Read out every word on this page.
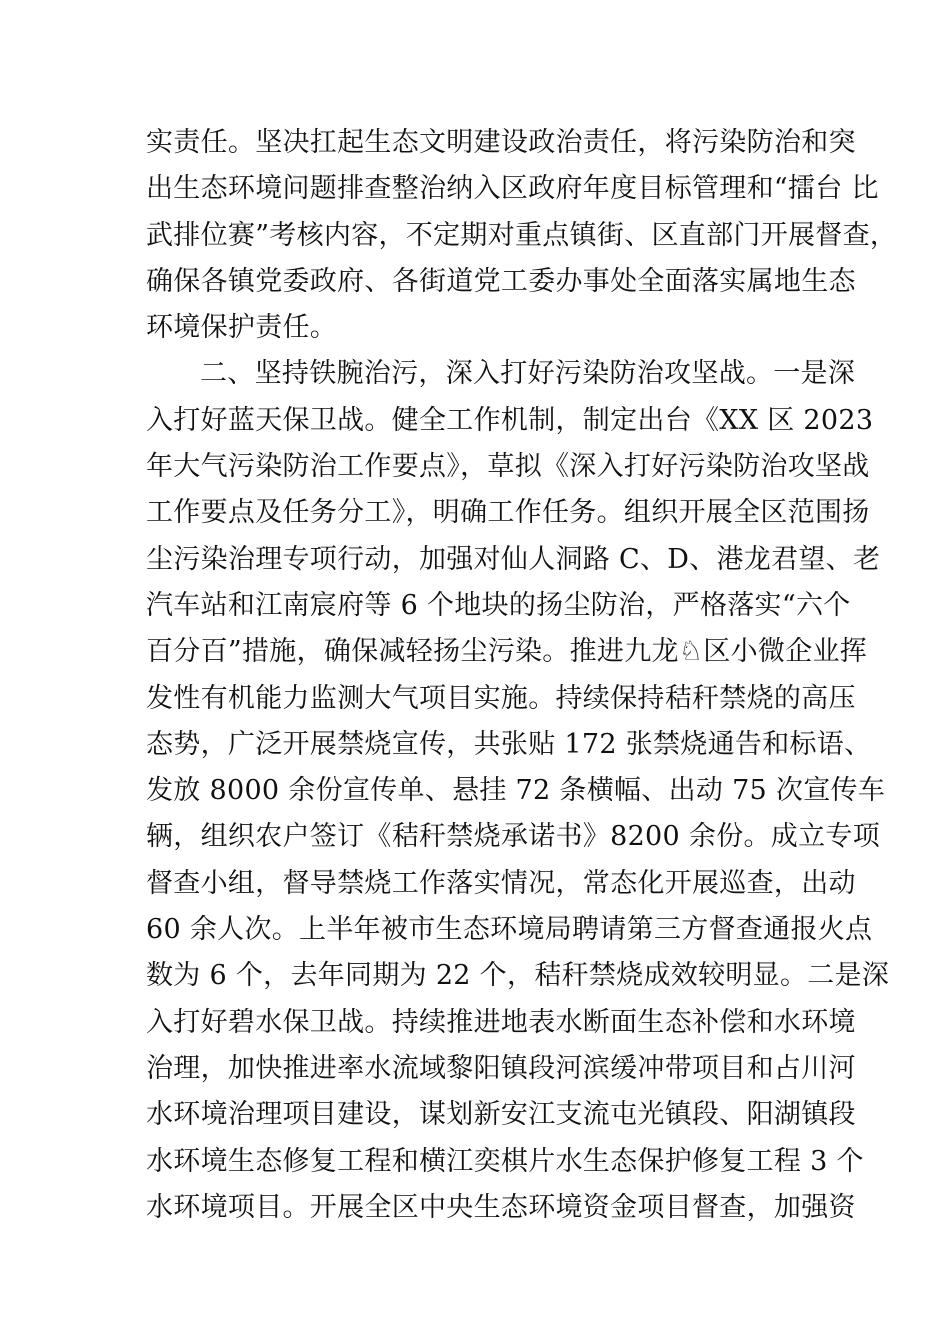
实责任。坚决扛起生态文明建设政治责任，将污染防治和突
出生态环境问题排查整治纳入区政府年度目标管理和“擂台 比
武排位赛”考核内容，不定期对重点镇街、区直部门开展督查，
确保各镇党委政府、各街道党工委办事处全面落实属地生态
环境保护责任。
二、坚持铁腕治污，深入打好污染防治攻坚战。一是深
入打好蓝天保卫战。健全工作机制，制定出台《XX 区 2023
年大气污染防治工作要点》，草拟《深入打好污染防治攻坚战
工作要点及任务分工》，明确工作任务。组织开展全区范围扬
尘污染治理专项行动，加强对仙人洞路 C、D、港龙君望、老
汽车站和江南宸府等 6 个地块的扬尘防治，严格落实“六个
百分百”措施，确保减轻扬尘污染。推进九龙♘区小微企业挥
发性有机能力监测大气项目实施。持续保持秸秆禁烧的高压
态势，广泛开展禁烧宣传，共张贴 172 张禁烧通告和标语、
发放 8000 余份宣传单、悬挂 72 条横幅、出动 75 次宣传车
辆，组织农户签订《秸秆禁烧承诺书》8200 余份。成立专项
督查小组，督导禁烧工作落实情况，常态化开展巡查，出动
60 余人次。上半年被市生态环境局聘请第三方督查通报火点
数为 6 个，去年同期为 22 个，秸秆禁烧成效较明显。二是深
入打好碧水保卫战。持续推进地表水断面生态补偿和水环境
治理，加快推进率水流域黎阳镇段河滨缓冲带项目和占川河
水环境治理项目建设，谋划新安江支流屯光镇段、阳湖镇段
水环境生态修复工程和横江奕棋片水生态保护修复工程 3 个
水环境项目。开展全区中央生态环境资金项目督查，加强资
